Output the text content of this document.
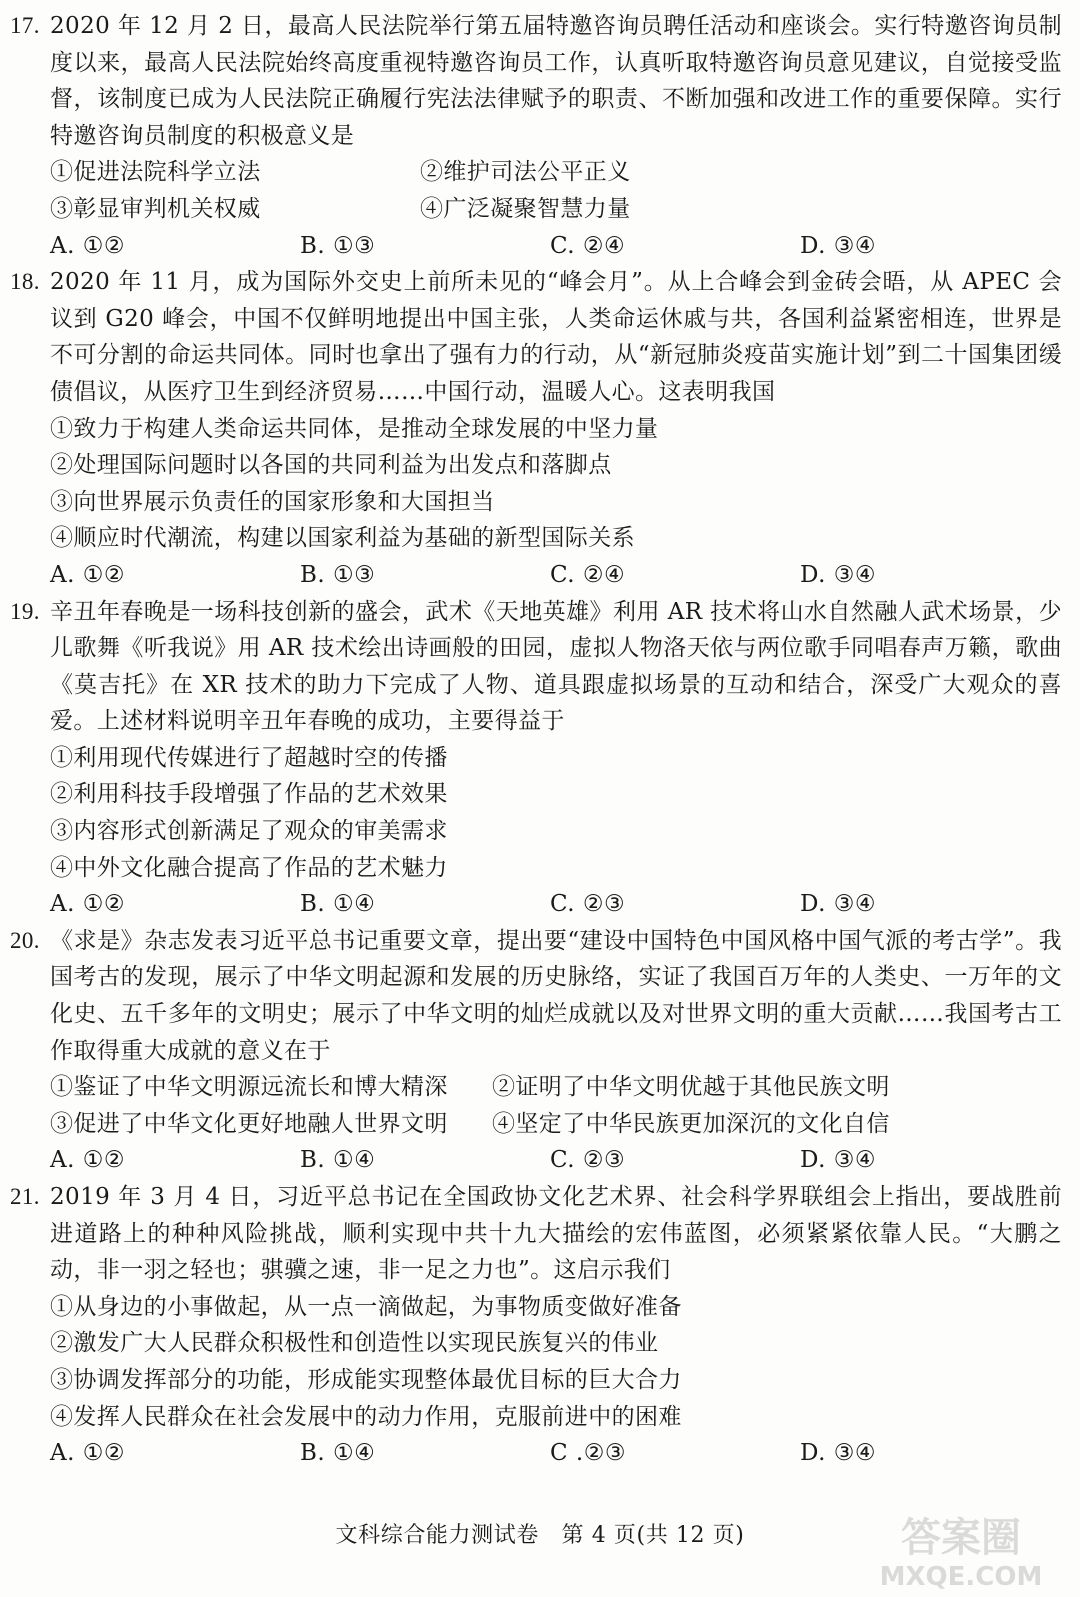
17. 2020 年 12 月 2 日，最高人民法院举行第五届特邀咨询员聘任活动和座谈会。实行特邀咨询员制度以来，最高人民法院始终高度重视特邀咨询员工作，认真听取特邀咨询员意见建议，自觉接受监督，该制度已成为人民法院正确履行宪法法律赋予的职责、不断加强和改进工作的重要保障。实行特邀咨询员制度的积极意义是

①促进法院科学立法	②维护司法公平正义
③彰显审判机关权威	④广泛凝聚智慧力量
A. ①②	B. ①③	C. ②④	D. ③④

18. 2020 年 11 月，成为国际外交史上前所未见的“峰会月”。从上合峰会到金砖会晤，从 APEC 会议到 G20 峰会，中国不仅鲜明地提出中国主张，人类命运休戚与共，各国利益紧密相连，世界是不可分割的命运共同体。同时也拿出了强有力的行动，从“新冠肺炎疫苗实施计划”到二十国集团缓债倡议，从医疗卫生到经济贸易……中国行动，温暖人心。这表明我国

①致力于构建人类命运共同体，是推动全球发展的中坚力量
②处理国际问题时以各国的共同利益为出发点和落脚点
③向世界展示负责任的国家形象和大国担当
④顺应时代潮流，构建以国家利益为基础的新型国际关系
A. ①②	B. ①③	C. ②④	D. ③④

19. 辛丑年春晚是一场科技创新的盛会，武术《天地英雄》利用 AR 技术将山水自然融人武术场景，少儿歌舞《听我说》用 AR 技术绘出诗画般的田园，虚拟人物洛天依与两位歌手同唱春声万籁，歌曲《莫吉托》在 XR 技术的助力下完成了人物、道具跟虚拟场景的互动和结合，深受广大观众的喜爱。上述材料说明辛丑年春晚的成功，主要得益于

①利用现代传媒进行了超越时空的传播
②利用科技手段增强了作品的艺术效果
③内容形式创新满足了观众的审美需求
④中外文化融合提高了作品的艺术魅力
A. ①②	B. ①④	C. ②③	D. ③④

20. 《求是》杂志发表习近平总书记重要文章，提出要“建设中国特色中国风格中国气派的考古学”。我国考古的发现，展示了中华文明起源和发展的历史脉络，实证了我国百万年的人类史、一万年的文化史、五千多年的文明史；展示了中华文明的灿烂成就以及对世界文明的重大贡献……我国考古工作取得重大成就的意义在于

①鉴证了中华文明源远流长和博大精深	②证明了中华文明优越于其他民族文明
③促进了中华文化更好地融人世界文明	④坚定了中华民族更加深沉的文化自信
A. ①②	B. ①④	C. ②③	D. ③④

21. 2019 年 3 月 4 日，习近平总书记在全国政协文化艺术界、社会科学界联组会上指出，要战胜前进道路上的种种风险挑战，顺利实现中共十九大描绘的宏伟蓝图，必须紧紧依靠人民。“大鹏之动，非一羽之轻也；骐骥之速，非一足之力也”。这启示我们

①从身边的小事做起，从一点一滴做起，为事物质变做好准备
②激发广大人民群众积极性和创造性以实现民族复兴的伟业
③协调发挥部分的功能，形成能实现整体最优目标的巨大合力
④发挥人民群众在社会发展中的动力作用，克服前进中的困难
A. ①②	B. ①④	C .②③	D. ③④
文科综合能力测试卷　第 4 页(共 12 页)	答案圈
MXQE.COM
